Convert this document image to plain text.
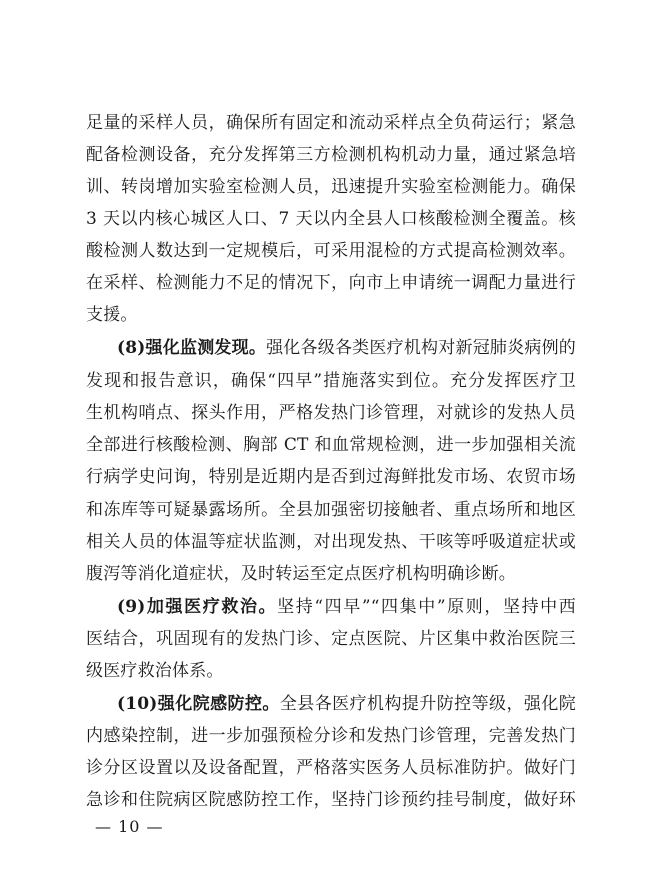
足量的采样人员，确保所有固定和流动采样点全负荷运行；紧急
配备检测设备，充分发挥第三方检测机构机动力量，通过紧急培
训、转岗增加实验室检测人员，迅速提升实验室检测能力。确保
3 天以内核心城区人口、7 天以内全县人口核酸检测全覆盖。核
酸检测人数达到一定规模后，可采用混检的方式提高检测效率。
在采样、检测能力不足的情况下，向市上申请统一调配力量进行
支援。
(8)强化监测发现。强化各级各类医疗机构对新冠肺炎病例的
发现和报告意识，确保“四早”措施落实到位。充分发挥医疗卫
生机构哨点、探头作用，严格发热门诊管理，对就诊的发热人员
全部进行核酸检测、胸部 CT 和血常规检测，进一步加强相关流
行病学史问询，特别是近期内是否到过海鲜批发市场、农贸市场
和冻库等可疑暴露场所。全县加强密切接触者、重点场所和地区
相关人员的体温等症状监测，对出现发热、干咳等呼吸道症状或
腹泻等消化道症状，及时转运至定点医疗机构明确诊断。
(9)加强医疗救治。坚持“四早”“四集中”原则，坚持中西
医结合，巩固现有的发热门诊、定点医院、片区集中救治医院三
级医疗救治体系。
(10)强化院感防控。全县各医疗机构提升防控等级，强化院
内感染控制，进一步加强预检分诊和发热门诊管理，完善发热门
诊分区设置以及设备配置，严格落实医务人员标准防护。做好门
急诊和住院病区院感防控工作，坚持门诊预约挂号制度，做好环
— 10 —
